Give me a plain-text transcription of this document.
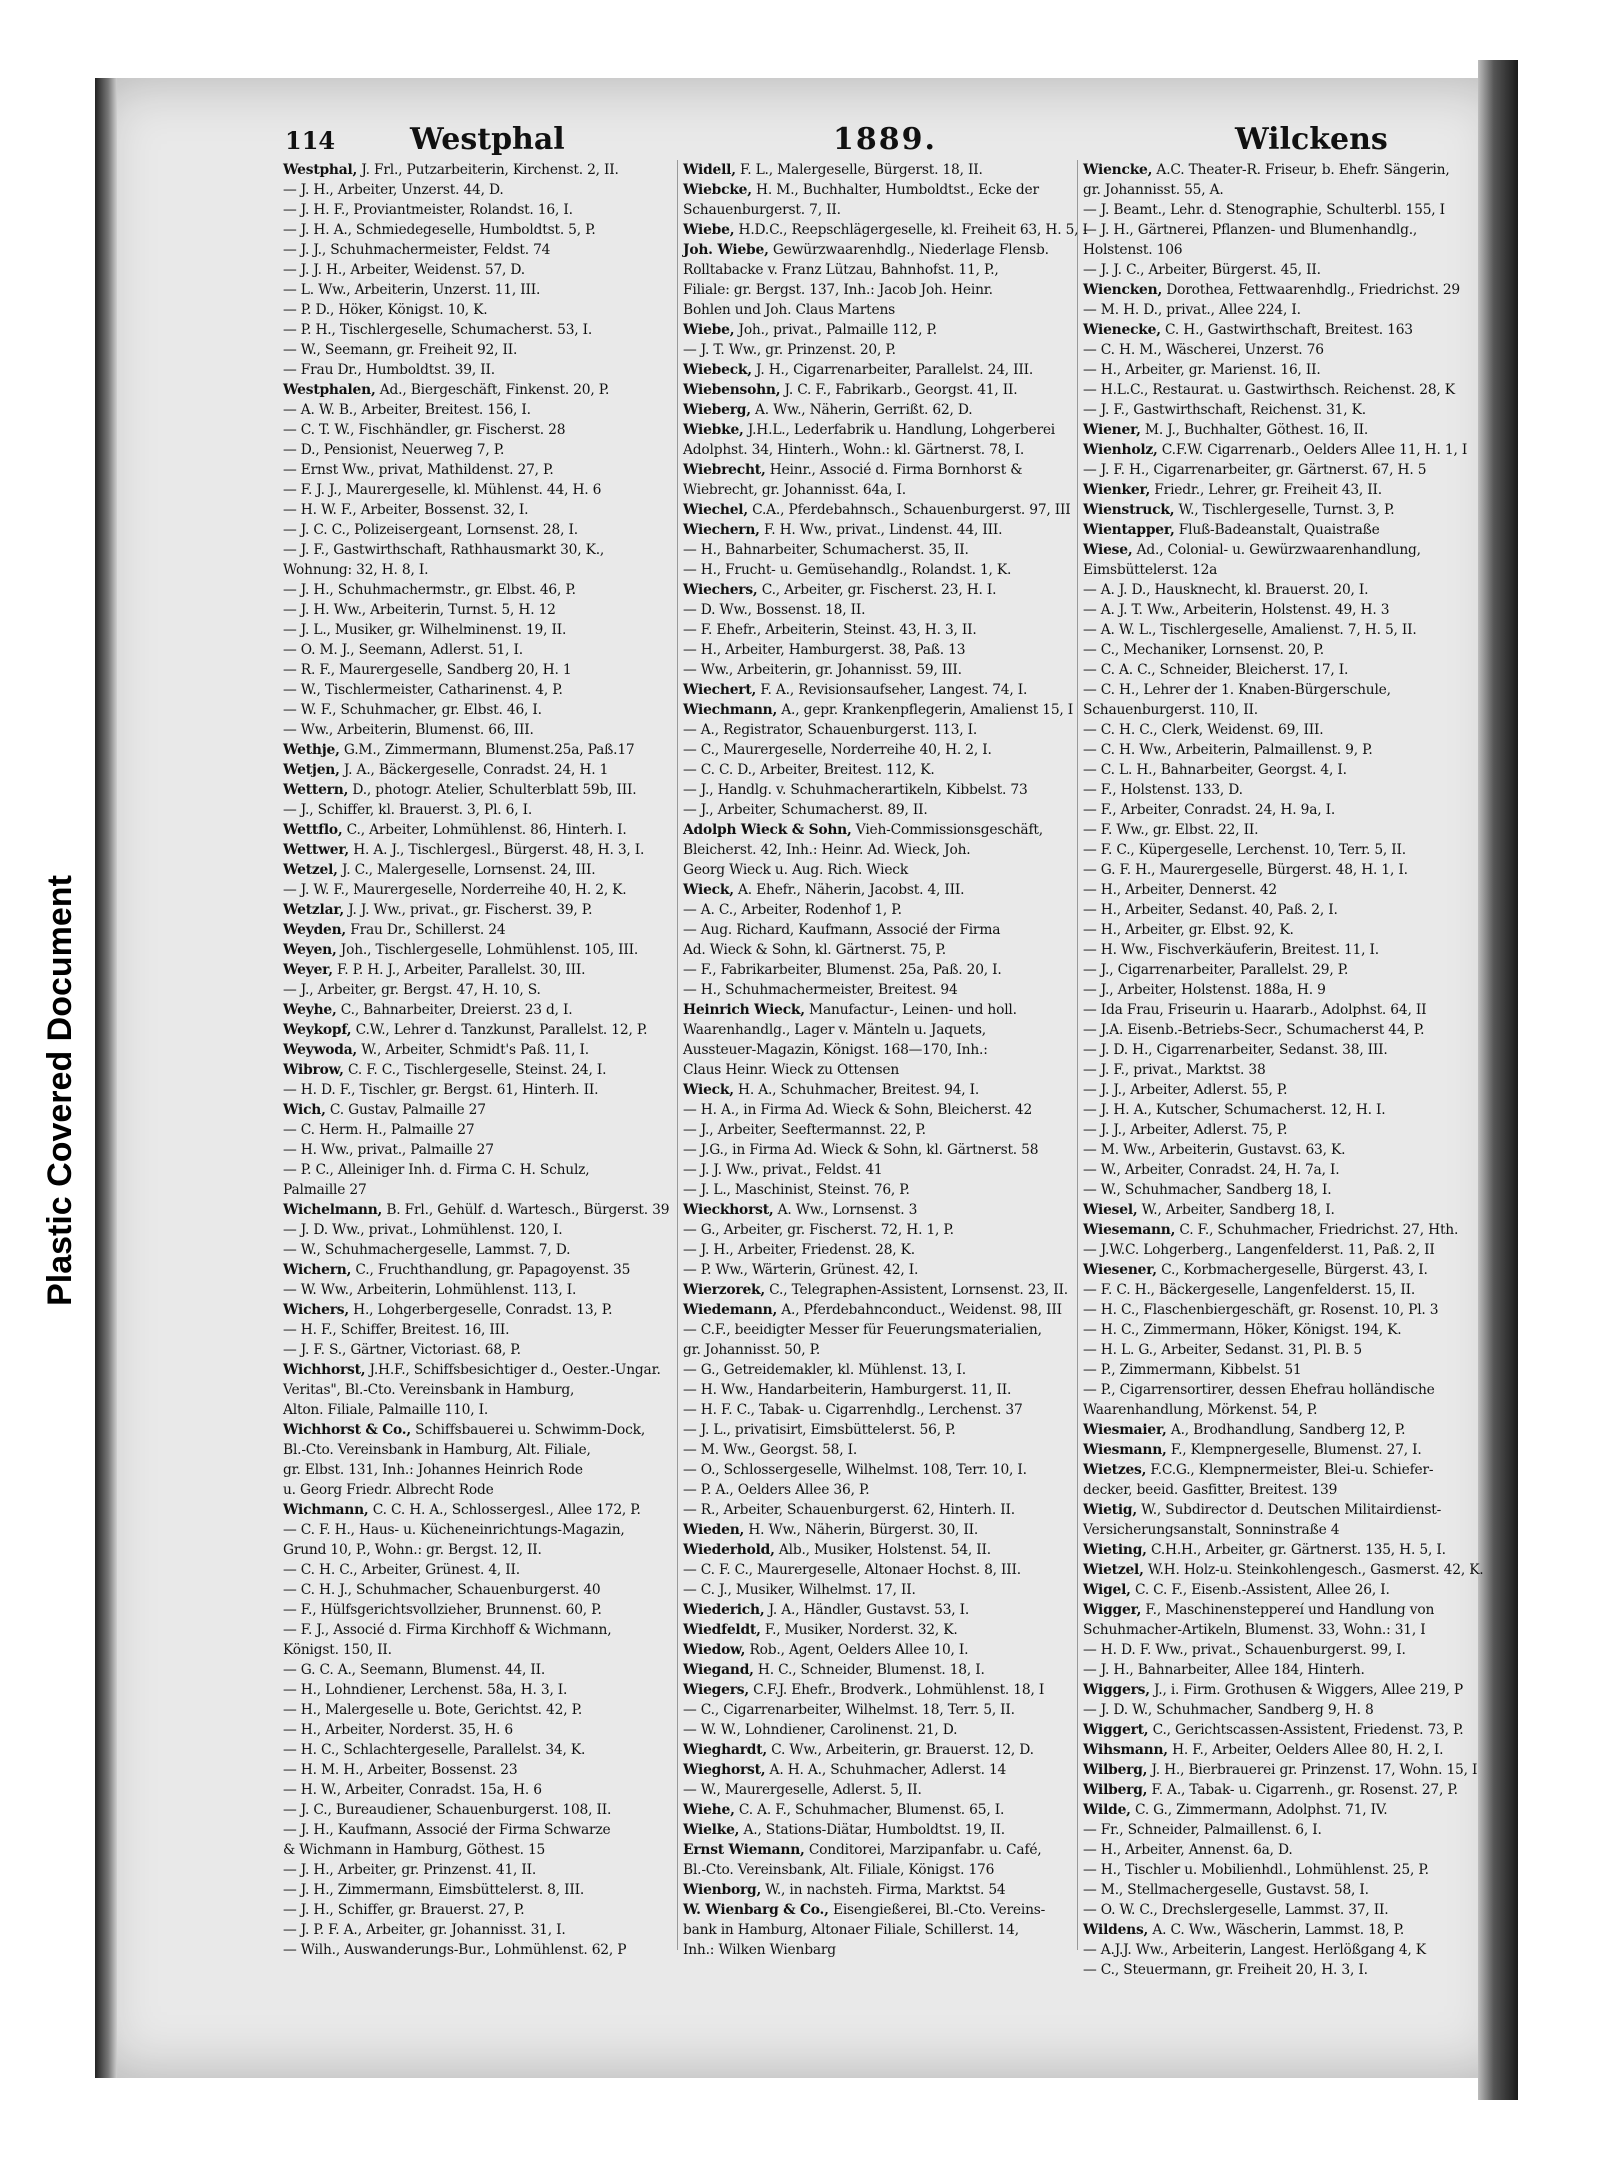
Plastic Covered Document
114 Westphal	1889.	Wilckens
Westphal, J. Frl., Putzarbeiterin, Kirchenst. 2, II.
— J. H., Arbeiter, Unzerst. 44, D.
— J. H. F., Proviantmeister, Rolandst. 16, I.
— J. H. A., Schmiedegeselle, Humboldtst. 5, P.
— J. J., Schuhmachermeister, Feldst. 74
— J. J. H., Arbeiter, Weidenst. 57, D.
— L. Ww., Arbeiterin, Unzerst. 11, III.
— P. D., Höker, Königst. 10, K.
— P. H., Tischlergeselle, Schumacherst. 53, I.
— W., Seemann, gr. Freiheit 92, II.
— Frau Dr., Humboldtst. 39, II.
Westphalen, Ad., Biergeschäft, Finkenst. 20, P.
— A. W. B., Arbeiter, Breitest. 156, I.
— C. T. W., Fischhändler, gr. Fischerst. 28
— D., Pensionist, Neuerweg 7, P.
— Ernst Ww., privat, Mathildenst. 27, P.
— F. J. J., Maurergeselle, kl. Mühlenst. 44, H. 6
— H. W. F., Arbeiter, Bossenst. 32, I.
— J. C. C., Polizeisergeant, Lornsenst. 28, I.
— J. F., Gastwirthschaft, Rathhausmarkt 30, K.,
Wohnung: 32, H. 8, I.
— J. H., Schuhmachermstr., gr. Elbst. 46, P.
— J. H. Ww., Arbeiterin, Turnst. 5, H. 12
— J. L., Musiker, gr. Wilhelminenst. 19, II.
— O. M. J., Seemann, Adlerst. 51, I.
— R. F., Maurergeselle, Sandberg 20, H. 1
— W., Tischlermeister, Catharinenst. 4, P.
— W. F., Schuhmacher, gr. Elbst. 46, I.
— Ww., Arbeiterin, Blumenst. 66, III.
Wethje, G.M., Zimmermann, Blumenst.25a, Paß.17
Wetjen, J. A., Bäckergeselle, Conradst. 24, H. 1
Wettern, D., photogr. Atelier, Schulterblatt 59b, III.
— J., Schiffer, kl. Brauerst. 3, Pl. 6, I.
Wettflo, C., Arbeiter, Lohmühlenst. 86, Hinterh. I.
Wettwer, H. A. J., Tischlergesl., Bürgerst. 48, H. 3, I.
Wetzel, J. C., Malergeselle, Lornsenst. 24, III.
— J. W. F., Maurergeselle, Norderreihe 40, H. 2, K.
Wetzlar, J. J. Ww., privat., gr. Fischerst. 39, P.
Weyden, Frau Dr., Schillerst. 24
Weyen, Joh., Tischlergeselle, Lohmühlenst. 105, III.
Weyer, F. P. H. J., Arbeiter, Parallelst. 30, III.
— J., Arbeiter, gr. Bergst. 47, H. 10, S.
Weyhe, C., Bahnarbeiter, Dreierst. 23 d, I.
Weykopf, C.W., Lehrer d. Tanzkunst, Parallelst. 12, P.
Weywoda, W., Arbeiter, Schmidt's Paß. 11, I.
Wibrow, C. F. C., Tischlergeselle, Steinst. 24, I.
— H. D. F., Tischler, gr. Bergst. 61, Hinterh. II.
Wich, C. Gustav, Palmaille 27
— C. Herm. H., Palmaille 27
— H. Ww., privat., Palmaille 27
— P. C., Alleiniger Inh. d. Firma C. H. Schulz,
Palmaille 27
Wichelmann, B. Frl., Gehülf. d. Wartesch., Bürgerst. 39
— J. D. Ww., privat., Lohmühlenst. 120, I.
— W., Schuhmachergeselle, Lammst. 7, D.
Wichern, C., Fruchthandlung, gr. Papagoyenst. 35
— W. Ww., Arbeiterin, Lohmühlenst. 113, I.
Wichers, H., Lohgerbergeselle, Conradst. 13, P.
— H. F., Schiffer, Breitest. 16, III.
— J. F. S., Gärtner, Victoriast. 68, P.
Wichhorst, J.H.F., Schiffsbesichtiger d., Oester.-Ungar.
Veritas", Bl.-Cto. Vereinsbank in Hamburg,
Alton. Filiale, Palmaille 110, I.
Wichhorst & Co., Schiffsbauerei u. Schwimm-Dock,
Bl.-Cto. Vereinsbank in Hamburg, Alt. Filiale,
gr. Elbst. 131, Inh.: Johannes Heinrich Rode
u. Georg Friedr. Albrecht Rode
Wichmann, C. C. H. A., Schlossergesl., Allee 172, P.
— C. F. H., Haus- u. Kücheneinrichtungs-Magazin,
Grund 10, P., Wohn.: gr. Bergst. 12, II.
— C. H. C., Arbeiter, Grünest. 4, II.
— C. H. J., Schuhmacher, Schauenburgerst. 40
— F., Hülfsgerichtsvollzieher, Brunnenst. 60, P.
— F. J., Associé d. Firma Kirchhoff & Wichmann,
Königst. 150, II.
— G. C. A., Seemann, Blumenst. 44, II.
— H., Lohndiener, Lerchenst. 58a, H. 3, I.
— H., Malergeselle u. Bote, Gerichtst. 42, P.
— H., Arbeiter, Norderst. 35, H. 6
— H. C., Schlachtergeselle, Parallelst. 34, K.
— H. M. H., Arbeiter, Bossenst. 23
— H. W., Arbeiter, Conradst. 15a, H. 6
— J. C., Bureaudiener, Schauenburgerst. 108, II.
— J. H., Kaufmann, Associé der Firma Schwarze
& Wichmann in Hamburg, Göthest. 15
— J. H., Arbeiter, gr. Prinzenst. 41, II.
— J. H., Zimmermann, Eimsbüttelerst. 8, III.
— J. H., Schiffer, gr. Brauerst. 27, P.
— J. P. F. A., Arbeiter, gr. Johannisst. 31, I.
— Wilh., Auswanderungs-Bur., Lohmühlenst. 62, P
Widell, F. L., Malergeselle, Bürgerst. 18, II.
Wiebcke, H. M., Buchhalter, Humboldtst., Ecke der
Schauenburgerst. 7, II.
Wiebe, H.D.C., Reepschlägergeselle, kl. Freiheit 63, H. 5, I
Joh. Wiebe, Gewürzwaarenhdlg., Niederlage Flensb.
Rolltabacke v. Franz Lützau, Bahnhofst. 11, P.,
Filiale: gr. Bergst. 137, Inh.: Jacob Joh. Heinr.
Bohlen und Joh. Claus Martens
Wiebe, Joh., privat., Palmaille 112, P.
— J. T. Ww., gr. Prinzenst. 20, P.
Wiebeck, J. H., Cigarrenarbeiter, Parallelst. 24, III.
Wiebensohn, J. C. F., Fabrikarb., Georgst. 41, II.
Wieberg, A. Ww., Näherin, Gerrißt. 62, D.
Wiebke, J.H.L., Lederfabrik u. Handlung, Lohgerberei
Adolphst. 34, Hinterh., Wohn.: kl. Gärtnerst. 78, I.
Wiebrecht, Heinr., Associé d. Firma Bornhorst &
Wiebrecht, gr. Johannisst. 64a, I.
Wiechel, C.A., Pferdebahnsch., Schauenburgerst. 97, III
Wiechern, F. H. Ww., privat., Lindenst. 44, III.
— H., Bahnarbeiter, Schumacherst. 35, II.
— H., Frucht- u. Gemüsehandlg., Rolandst. 1, K.
Wiechers, C., Arbeiter, gr. Fischerst. 23, H. I.
— D. Ww., Bossenst. 18, II.
— F. Ehefr., Arbeiterin, Steinst. 43, H. 3, II.
— H., Arbeiter, Hamburgerst. 38, Paß. 13
— Ww., Arbeiterin, gr. Johannisst. 59, III.
Wiechert, F. A., Revisionsaufseher, Langest. 74, I.
Wiechmann, A., gepr. Krankenpflegerin, Amalienst 15, I
— A., Registrator, Schauenburgerst. 113, I.
— C., Maurergeselle, Norderreihe 40, H. 2, I.
— C. C. D., Arbeiter, Breitest. 112, K.
— J., Handlg. v. Schuhmacherartikeln, Kibbelst. 73
— J., Arbeiter, Schumacherst. 89, II.
Adolph Wieck & Sohn, Vieh-Commissionsgeschäft,
Bleicherst. 42, Inh.: Heinr. Ad. Wieck, Joh.
Georg Wieck u. Aug. Rich. Wieck
Wieck, A. Ehefr., Näherin, Jacobst. 4, III.
— A. C., Arbeiter, Rodenhof 1, P.
— Aug. Richard, Kaufmann, Associé der Firma
Ad. Wieck & Sohn, kl. Gärtnerst. 75, P.
— F., Fabrikarbeiter, Blumenst. 25a, Paß. 20, I.
— H., Schuhmachermeister, Breitest. 94
Heinrich Wieck, Manufactur-, Leinen- und holl.
Waarenhandlg., Lager v. Mänteln u. Jaquets,
Aussteuer-Magazin, Königst. 168—170, Inh.:
Claus Heinr. Wieck zu Ottensen
Wieck, H. A., Schuhmacher, Breitest. 94, I.
— H. A., in Firma Ad. Wieck & Sohn, Bleicherst. 42
— J., Arbeiter, Seeftermannst. 22, P.
— J.G., in Firma Ad. Wieck & Sohn, kl. Gärtnerst. 58
— J. J. Ww., privat., Feldst. 41
— J. L., Maschinist, Steinst. 76, P.
Wieckhorst, A. Ww., Lornsenst. 3
— G., Arbeiter, gr. Fischerst. 72, H. 1, P.
— J. H., Arbeiter, Friedenst. 28, K.
— P. Ww., Wärterin, Grünest. 42, I.
Wierzorek, C., Telegraphen-Assistent, Lornsenst. 23, II.
Wiedemann, A., Pferdebahnconduct., Weidenst. 98, III
— C.F., beeidigter Messer für Feuerungsmaterialien,
gr. Johannisst. 50, P.
— G., Getreidemakler, kl. Mühlenst. 13, I.
— H. Ww., Handarbeiterin, Hamburgerst. 11, II.
— H. F. C., Tabak- u. Cigarrenhdlg., Lerchenst. 37
— J. L., privatisirt, Eimsbüttelerst. 56, P.
— M. Ww., Georgst. 58, I.
— O., Schlossergeselle, Wilhelmst. 108, Terr. 10, I.
— P. A., Oelders Allee 36, P.
— R., Arbeiter, Schauenburgerst. 62, Hinterh. II.
Wieden, H. Ww., Näherin, Bürgerst. 30, II.
Wiederhold, Alb., Musiker, Holstenst. 54, II.
— C. F. C., Maurergeselle, Altonaer Hochst. 8, III.
— C. J., Musiker, Wilhelmst. 17, II.
Wiederich, J. A., Händler, Gustavst. 53, I.
Wiedfeldt, F., Musiker, Norderst. 32, K.
Wiedow, Rob., Agent, Oelders Allee 10, I.
Wiegand, H. C., Schneider, Blumenst. 18, I.
Wiegers, C.F.J. Ehefr., Brodverk., Lohmühlenst. 18, I
— C., Cigarrenarbeiter, Wilhelmst. 18, Terr. 5, II.
— W. W., Lohndiener, Carolinenst. 21, D.
Wieghardt, C. Ww., Arbeiterin, gr. Brauerst. 12, D.
Wieghorst, A. H. A., Schuhmacher, Adlerst. 14
— W., Maurergeselle, Adlerst. 5, II.
Wiehe, C. A. F., Schuhmacher, Blumenst. 65, I.
Wielke, A., Stations-Diätar, Humboldtst. 19, II.
Ernst Wiemann, Conditorei, Marzipanfabr. u. Café,
Bl.-Cto. Vereinsbank, Alt. Filiale, Königst. 176
Wienborg, W., in nachsteh. Firma, Marktst. 54
W. Wienbarg & Co., Eisengießerei, Bl.-Cto. Vereins-
bank in Hamburg, Altonaer Filiale, Schillerst. 14,
Inh.: Wilken Wienbarg
Wiencke, A.C. Theater-R. Friseur, b. Ehefr. Sängerin,
gr. Johannisst. 55, A.
— J. Beamt., Lehr. d. Stenographie, Schulterbl. 155, I
— J. H., Gärtnerei, Pflanzen- und Blumenhandlg.,
Holstenst. 106
— J. J. C., Arbeiter, Bürgerst. 45, II.
Wiencken, Dorothea, Fettwaarenhdlg., Friedrichst. 29
— M. H. D., privat., Allee 224, I.
Wienecke, C. H., Gastwirthschaft, Breitest. 163
— C. H. M., Wäscherei, Unzerst. 76
— H., Arbeiter, gr. Marienst. 16, II.
— H.L.C., Restaurat. u. Gastwirthsch. Reichenst. 28, K
— J. F., Gastwirthschaft, Reichenst. 31, K.
Wiener, M. J., Buchhalter, Göthest. 16, II.
Wienholz, C.F.W. Cigarrenarb., Oelders Allee 11, H. 1, I
— J. F. H., Cigarrenarbeiter, gr. Gärtnerst. 67, H. 5
Wienker, Friedr., Lehrer, gr. Freiheit 43, II.
Wienstruck, W., Tischlergeselle, Turnst. 3, P.
Wientapper, Fluß-Badeanstalt, Quaistraße
Wiese, Ad., Colonial- u. Gewürzwaarenhandlung,
Eimsbüttelerst. 12a
— A. J. D., Hausknecht, kl. Brauerst. 20, I.
— A. J. T. Ww., Arbeiterin, Holstenst. 49, H. 3
— A. W. L., Tischlergeselle, Amalienst. 7, H. 5, II.
— C., Mechaniker, Lornsenst. 20, P.
— C. A. C., Schneider, Bleicherst. 17, I.
— C. H., Lehrer der 1. Knaben-Bürgerschule,
Schauenburgerst. 110, II.
— C. H. C., Clerk, Weidenst. 69, III.
— C. H. Ww., Arbeiterin, Palmaillenst. 9, P.
— C. L. H., Bahnarbeiter, Georgst. 4, I.
— F., Holstenst. 133, D.
— F., Arbeiter, Conradst. 24, H. 9a, I.
— F. Ww., gr. Elbst. 22, II.
— F. C., Küpergeselle, Lerchenst. 10, Terr. 5, II.
— G. F. H., Maurergeselle, Bürgerst. 48, H. 1, I.
— H., Arbeiter, Dennerst. 42
— H., Arbeiter, Sedanst. 40, Paß. 2, I.
— H., Arbeiter, gr. Elbst. 92, K.
— H. Ww., Fischverkäuferin, Breitest. 11, I.
— J., Cigarrenarbeiter, Parallelst. 29, P.
— J., Arbeiter, Holstenst. 188a, H. 9
— Ida Frau, Friseurin u. Haararb., Adolphst. 64, II
— J.A. Eisenb.-Betriebs-Secr., Schumacherst 44, P.
— J. D. H., Cigarrenarbeiter, Sedanst. 38, III.
— J. F., privat., Marktst. 38
— J. J., Arbeiter, Adlerst. 55, P.
— J. H. A., Kutscher, Schumacherst. 12, H. I.
— J. J., Arbeiter, Adlerst. 75, P.
— M. Ww., Arbeiterin, Gustavst. 63, K.
— W., Arbeiter, Conradst. 24, H. 7a, I.
— W., Schuhmacher, Sandberg 18, I.
Wiesel, W., Arbeiter, Sandberg 18, I.
Wiesemann, C. F., Schuhmacher, Friedrichst. 27, Hth.
— J.W.C. Lohgerberg., Langenfelderst. 11, Paß. 2, II
Wiesener, C., Korbmachergeselle, Bürgerst. 43, I.
— F. C. H., Bäckergeselle, Langenfelderst. 15, II.
— H. C., Flaschenbiergeschäft, gr. Rosenst. 10, Pl. 3
— H. C., Zimmermann, Höker, Königst. 194, K.
— H. L. G., Arbeiter, Sedanst. 31, Pl. B. 5
— P., Zimmermann, Kibbelst. 51
— P., Cigarrensortirer, dessen Ehefrau holländische
Waarenhandlung, Mörkenst. 54, P.
Wiesmaier, A., Brodhandlung, Sandberg 12, P.
Wiesmann, F., Klempnergeselle, Blumenst. 27, I.
Wietzes, F.C.G., Klempnermeister, Blei-u. Schiefer-
decker, beeid. Gasfitter, Breitest. 139
Wietig, W., Subdirector d. Deutschen Militairdienst-
Versicherungsanstalt, Sonninstraße 4
Wieting, C.H.H., Arbeiter, gr. Gärtnerst. 135, H. 5, I.
Wietzel, W.H. Holz-u. Steinkohlengesch., Gasmerst. 42, K.
Wigel, C. C. F., Eisenb.-Assistent, Allee 26, I.
Wigger, F., Maschinensteppereí und Handlung von
Schuhmacher-Artikeln, Blumenst. 33, Wohn.: 31, I
— H. D. F. Ww., privat., Schauenburgerst. 99, I.
— J. H., Bahnarbeiter, Allee 184, Hinterh.
Wiggers, J., i. Firm. Grothusen & Wiggers, Allee 219, P
— J. D. W., Schuhmacher, Sandberg 9, H. 8
Wiggert, C., Gerichtscassen-Assistent, Friedenst. 73, P.
Wihsmann, H. F., Arbeiter, Oelders Allee 80, H. 2, I.
Wilberg, J. H., Bierbrauerei gr. Prinzenst. 17, Wohn. 15, I
Wilberg, F. A., Tabak- u. Cigarrenh., gr. Rosenst. 27, P.
Wilde, C. G., Zimmermann, Adolphst. 71, IV.
— Fr., Schneider, Palmaillenst. 6, I.
— H., Arbeiter, Annenst. 6a, D.
— H., Tischler u. Mobilienhdl., Lohmühlenst. 25, P.
— M., Stellmachergeselle, Gustavst. 58, I.
— O. W. C., Drechslergeselle, Lammst. 37, II.
Wildens, A. C. Ww., Wäscherin, Lammst. 18, P.
— A.J.J. Ww., Arbeiterin, Langest. Herlößgang 4, K
— C., Steuermann, gr. Freiheit 20, H. 3, I.
